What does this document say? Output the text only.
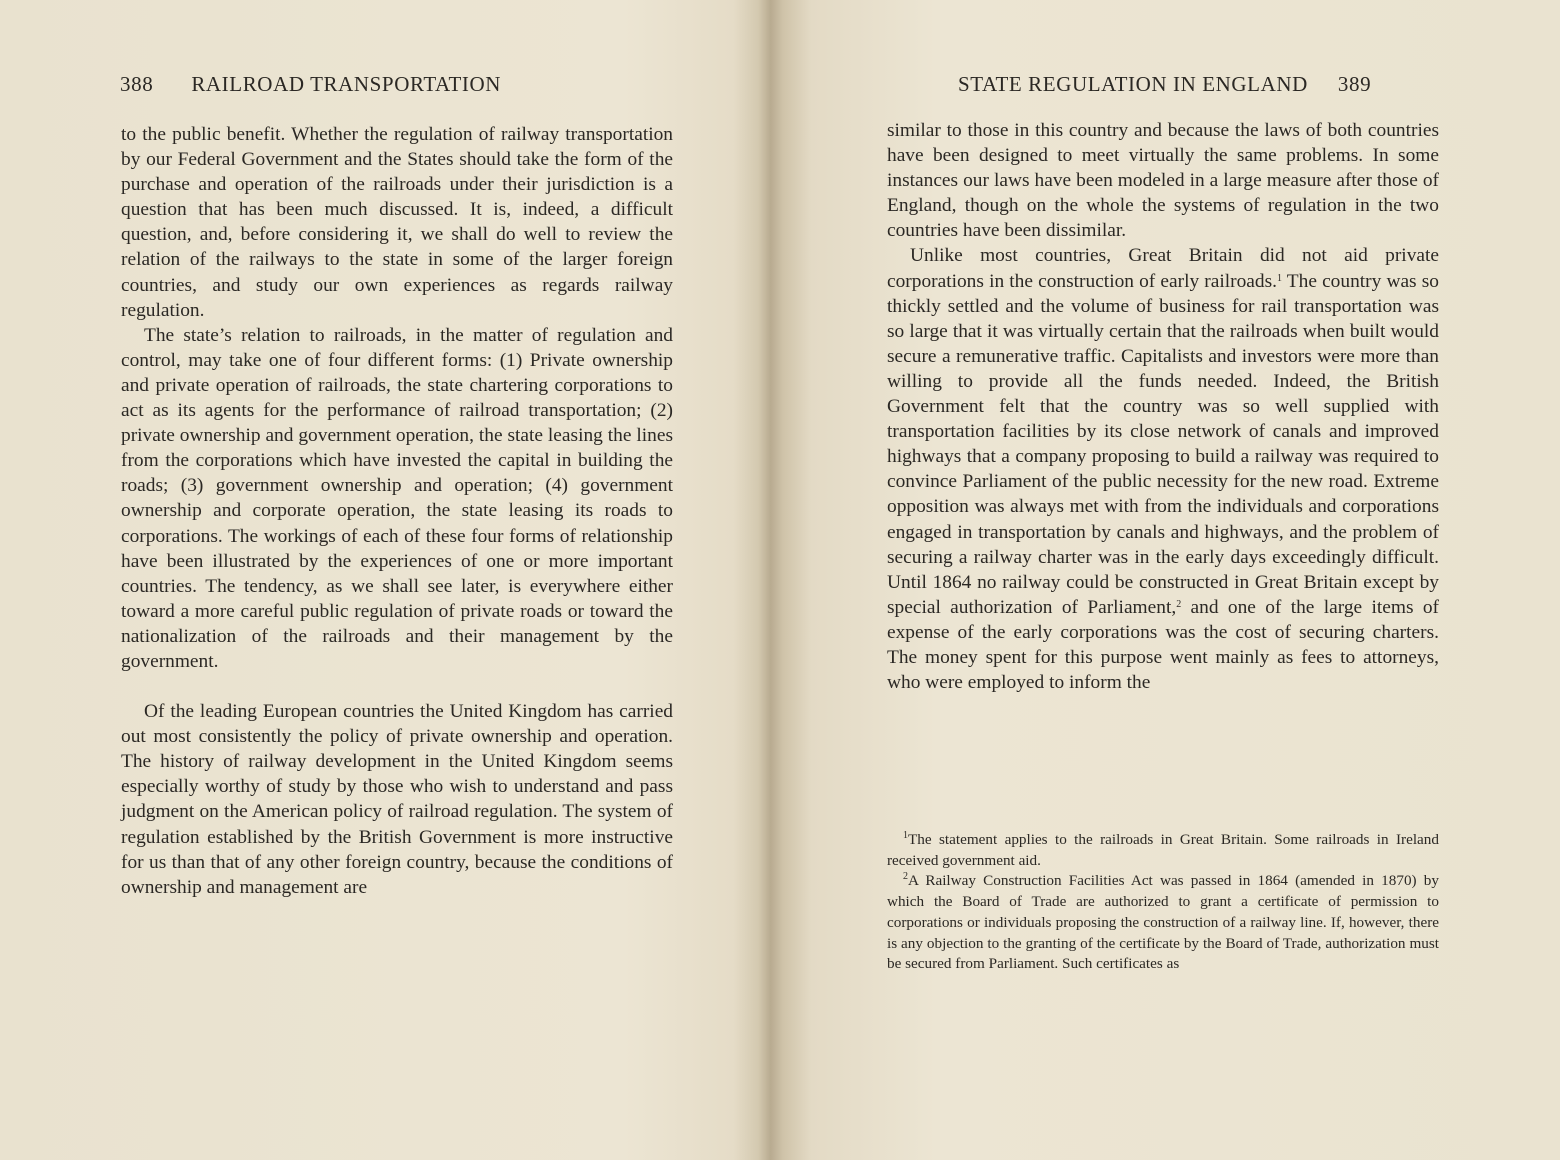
388 RAILROAD TRANSPORTATION

to the public benefit. Whether the regulation of railway transportation by our Federal Government and the States should take the form of the purchase and operation of the railroads under their jurisdiction is a question that has been much discussed. It is, indeed, a difficult question, and, before considering it, we shall do well to review the relation of the railways to the state in some of the larger foreign countries, and study our own experiences as regards railway regulation.

The state’s relation to railroads, in the matter of regulation and control, may take one of four different forms: (1) Private ownership and private operation of railroads, the state chartering corporations to act as its agents for the performance of railroad transportation; (2) private ownership and government operation, the state leasing the lines from the corporations which have invested the capital in building the roads; (3) government ownership and operation; (4) government ownership and corporate operation, the state leasing its roads to corporations. The workings of each of these four forms of relationship have been illustrated by the experiences of one or more important countries. The tendency, as we shall see later, is everywhere either toward a more careful public regulation of private roads or toward the nationalization of the railroads and their management by the government.

Of the leading European countries the United Kingdom has carried out most consistently the policy of private ownership and operation. The history of railway development in the United Kingdom seems especially worthy of study by those who wish to understand and pass judgment on the American policy of railroad regulation. The system of regulation established by the British Government is more instructive for us than that of any other foreign country, because the conditions of ownership and management are

STATE REGULATION IN ENGLAND 389

similar to those in this country and because the laws of both countries have been designed to meet virtually the same problems. In some instances our laws have been modeled in a large measure after those of England, though on the whole the systems of regulation in the two countries have been dissimilar.

Unlike most countries, Great Britain did not aid private corporations in the construction of early railroads.$^1$ The country was so thickly settled and the volume of business for rail transportation was so large that it was virtually certain that the railroads when built would secure a remunerative traffic. Capitalists and investors were more than willing to provide all the funds needed. Indeed, the British Government felt that the country was so well supplied with transportation facilities by its close network of canals and improved highways that a company proposing to build a railway was required to convince Parliament of the public necessity for the new road. Extreme opposition was always met with from the individuals and corporations engaged in transportation by canals and highways, and the problem of securing a railway charter was in the early days exceedingly difficult. Until 1864 no railway could be constructed in Great Britain except by special authorization of Parliament,$^2$ and one of the large items of expense of the early corporations was the cost of securing charters. The money spent for this purpose went mainly as fees to attorneys, who were employed to inform the

$^1$The statement applies to the railroads in Great Britain. Some railroads in Ireland received government aid.

$^2$A Railway Construction Facilities Act was passed in 1864 (amended in 1870) by which the Board of Trade are authorized to grant a certificate of permission to corporations or individuals proposing the construction of a railway line. If, however, there is any objection to the granting of the certificate by the Board of Trade, authorization must be secured from Parliament. Such certificates as
